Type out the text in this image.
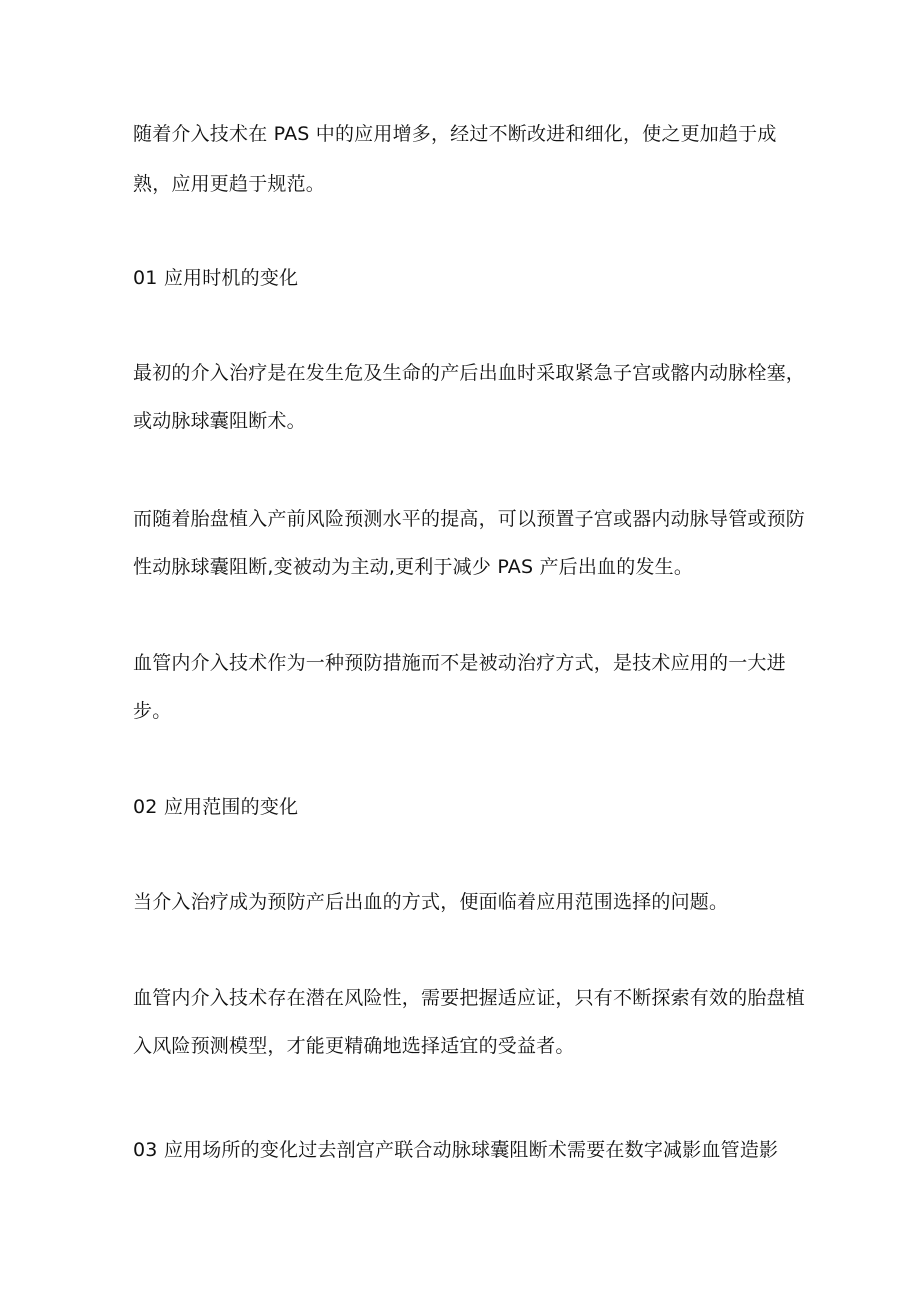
随着介入技术在 PAS 中的应用增多，经过不断改进和细化，使之更加趋于成
熟，应用更趋于规范。
01 应用时机的变化
最初的介入治疗是在发生危及生命的产后出血时采取紧急子宫或髂内动脉栓塞，
或动脉球囊阻断术。
而随着胎盘植入产前风险预测水平的提高，可以预置子宫或器内动脉导管或预防
性动脉球囊阻断,变被动为主动,更利于减少 PAS 产后出血的发生。
血管内介入技术作为一种预防措施而不是被动治疗方式，是技术应用的一大进
步。
02 应用范围的变化
当介入治疗成为预防产后出血的方式，便面临着应用范围选择的问题。
血管内介入技术存在潜在风险性，需要把握适应证，只有不断探索有效的胎盘植
入风险预测模型，才能更精确地选择适宜的受益者。
03 应用场所的变化过去剖宫产联合动脉球囊阻断术需要在数字减影血管造影
